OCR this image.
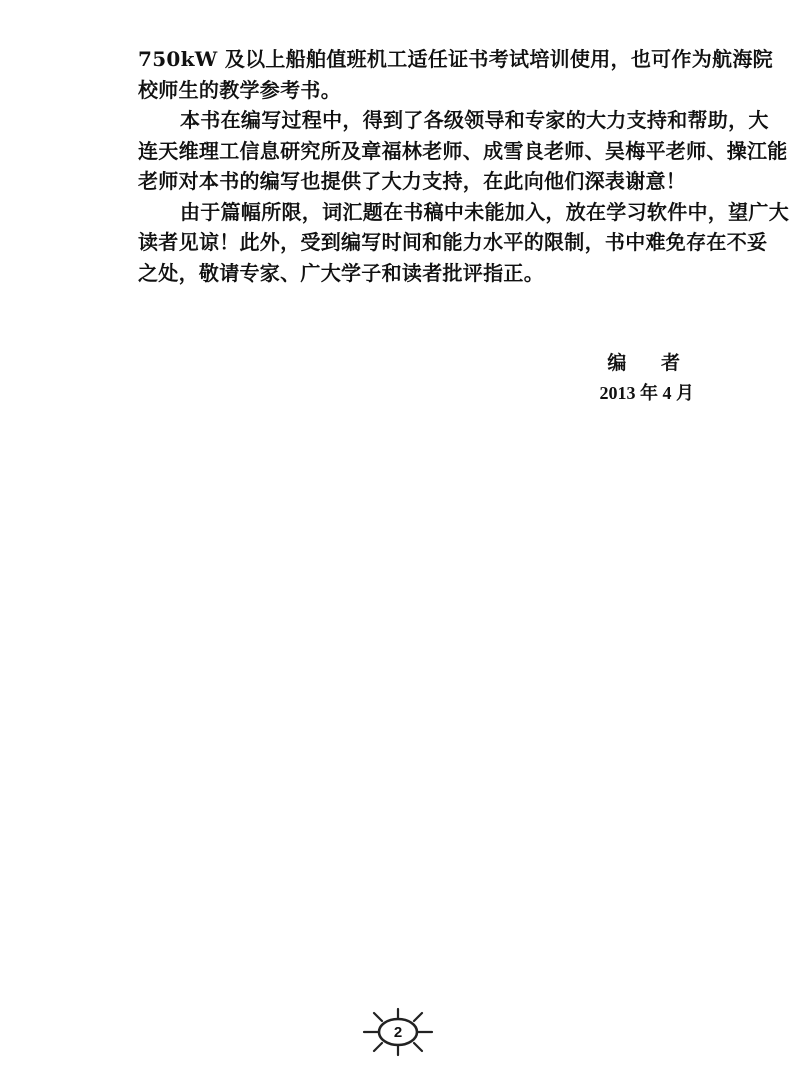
750kW 及以上船舶值班机工适任证书考试培训使用，也可作为航海院
校师生的教学参考书。
本书在编写过程中，得到了各级领导和专家的大力支持和帮助，大
连天维理工信息研究所及章福林老师、成雪良老师、吴梅平老师、操江能
老师对本书的编写也提供了大力支持，在此向他们深表谢意！
由于篇幅所限，词汇题在书稿中未能加入，放在学习软件中，望广大
读者见谅！此外，受到编写时间和能力水平的限制，书中难免存在不妥
之处，敬请专家、广大学子和读者批评指正。
编 者
2013 年 4 月
2
